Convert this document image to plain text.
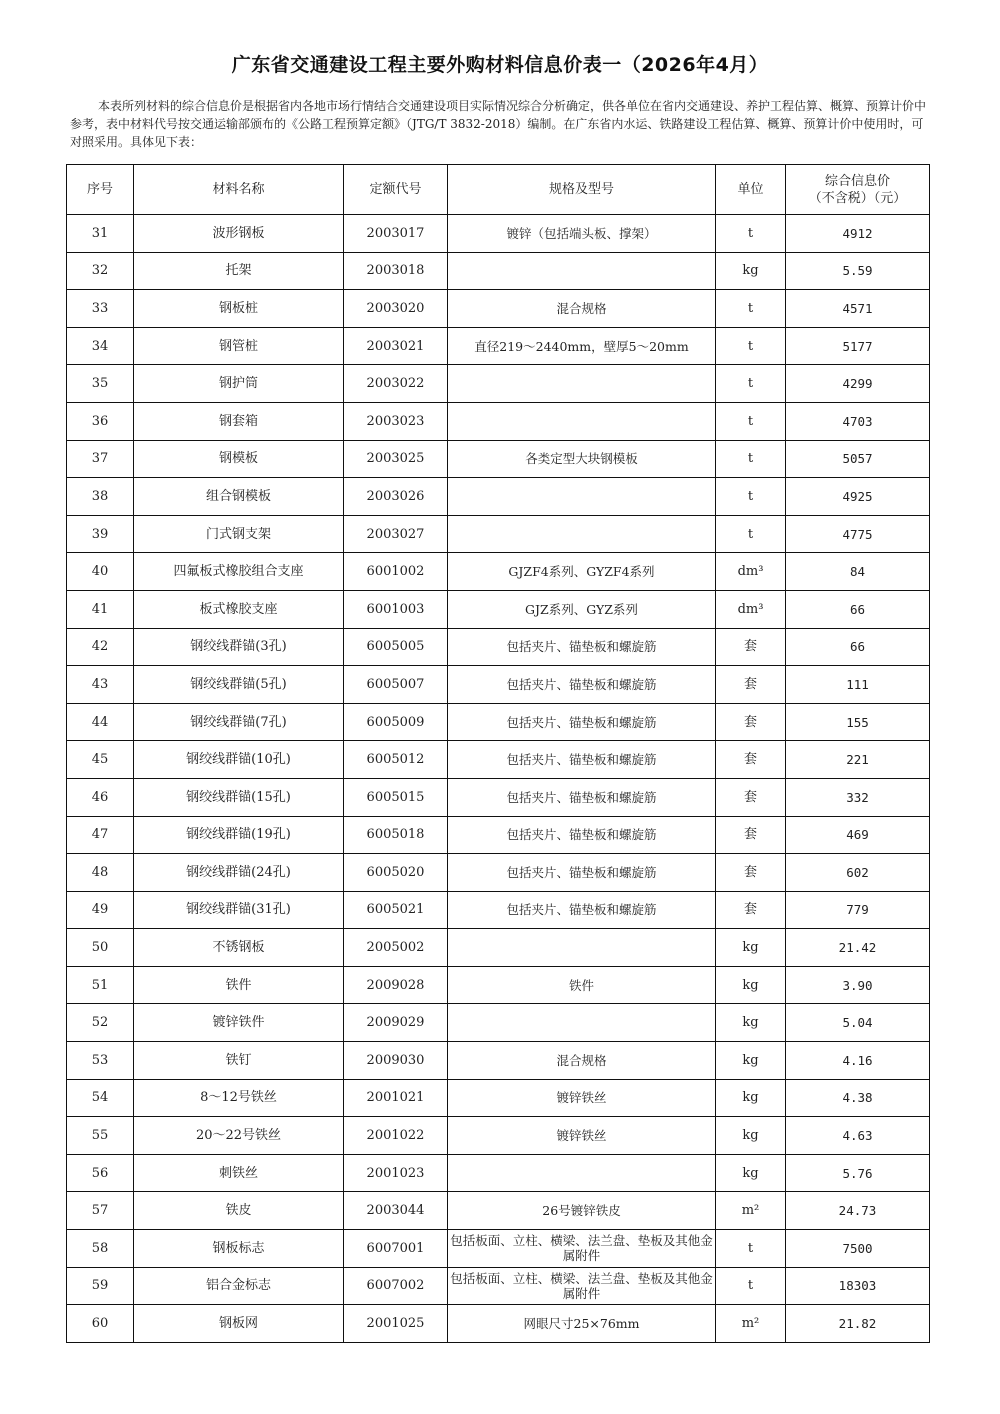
广东省交通建设工程主要外购材料信息价表一（2026年4月）
本表所列材料的综合信息价是根据省内各地市场行情结合交通建设项目实际情况综合分析确定，供各单位在省内交通建设、养护工程估算、概算、预算计价中参考，表中材料代号按交通运输部颁布的《公路工程预算定额》（JTG/T 3832-2018）编制。在广东省内水运、铁路建设工程估算、概算、预算计价中使用时，可对照采用。具体见下表：
序号	材料名称	定额代号	规格及型号	单位	综合信息价
（不含税）（元）
31	波形钢板	2003017	镀锌（包括端头板、撑架）	t	4912
32	托架	2003018		kg	5.59
33	钢板桩	2003020	混合规格	t	4571
34	钢管桩	2003021	直径219～2440mm，壁厚5～20mm	t	5177
35	钢护筒	2003022		t	4299
36	钢套箱	2003023		t	4703
37	钢模板	2003025	各类定型大块钢模板	t	5057
38	组合钢模板	2003026		t	4925
39	门式钢支架	2003027		t	4775
40	四氟板式橡胶组合支座	6001002	GJZF4系列、GYZF4系列	dm³	84
41	板式橡胶支座	6001003	GJZ系列、GYZ系列	dm³	66
42	钢绞线群锚(3孔)	6005005	包括夹片、锚垫板和螺旋筋	套	66
43	钢绞线群锚(5孔)	6005007	包括夹片、锚垫板和螺旋筋	套	111
44	钢绞线群锚(7孔)	6005009	包括夹片、锚垫板和螺旋筋	套	155
45	钢绞线群锚(10孔)	6005012	包括夹片、锚垫板和螺旋筋	套	221
46	钢绞线群锚(15孔)	6005015	包括夹片、锚垫板和螺旋筋	套	332
47	钢绞线群锚(19孔)	6005018	包括夹片、锚垫板和螺旋筋	套	469
48	钢绞线群锚(24孔)	6005020	包括夹片、锚垫板和螺旋筋	套	602
49	钢绞线群锚(31孔)	6005021	包括夹片、锚垫板和螺旋筋	套	779
50	不锈钢板	2005002		kg	21.42
51	铁件	2009028	铁件	kg	3.90
52	镀锌铁件	2009029		kg	5.04
53	铁钉	2009030	混合规格	kg	4.16
54	8～12号铁丝	2001021	镀锌铁丝	kg	4.38
55	20～22号铁丝	2001022	镀锌铁丝	kg	4.63
56	刺铁丝	2001023		kg	5.76
57	铁皮	2003044	26号镀锌铁皮	m²	24.73
58	钢板标志	6007001	包括板面、立柱、横梁、法兰盘、垫板及其他金属附件	t	7500
59	铝合金标志	6007002	包括板面、立柱、横梁、法兰盘、垫板及其他金属附件	t	18303
60	钢板网	2001025	网眼尺寸25×76mm	m²	21.82
